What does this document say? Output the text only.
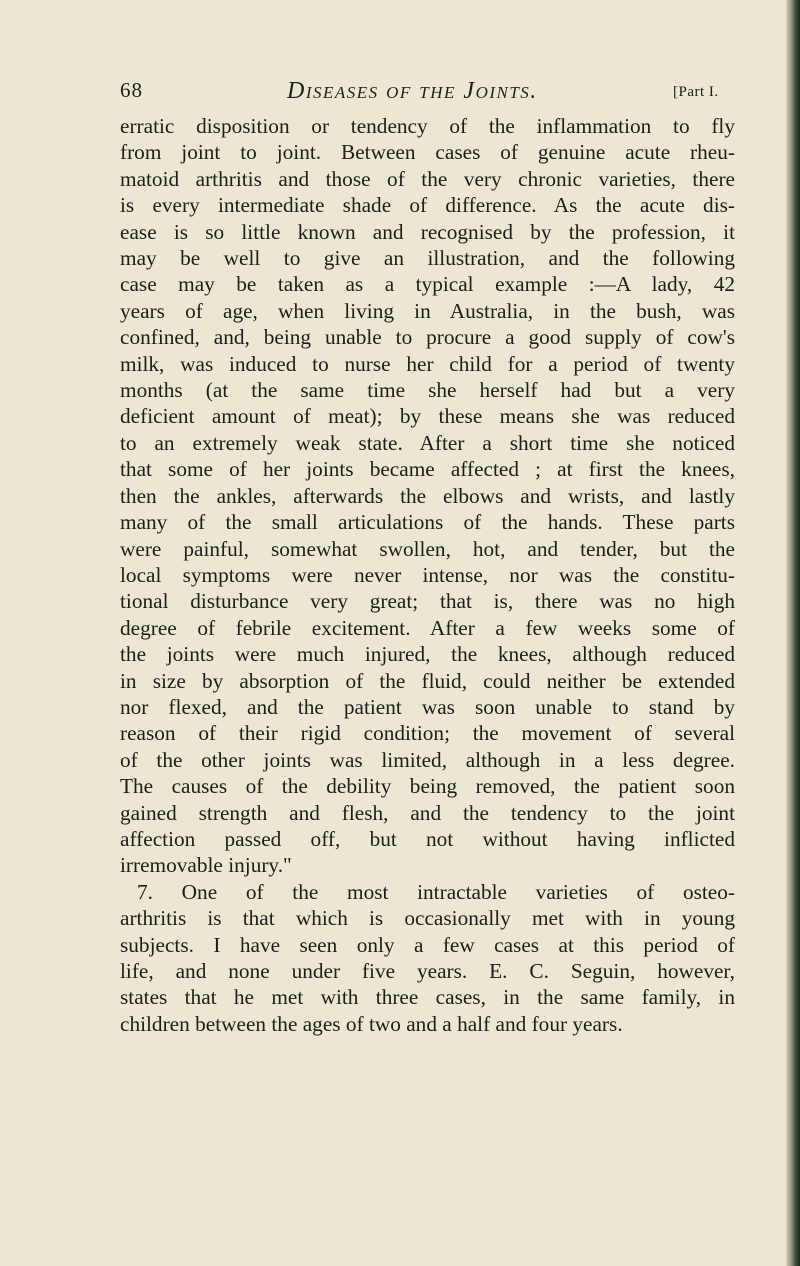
68	Diseases of the Joints.	[Part I.
erratic disposition or tendency of the inflammation to fly
from joint to joint. Between cases of genuine acute rheu-
matoid arthritis and those of the very chronic varieties, there
is every intermediate shade of difference. As the acute dis-
ease is so little known and recognised by the profession, it
may be well to give an illustration, and the following
case may be taken as a typical example :—A lady, 42
years of age, when living in Australia, in the bush, was
confined, and, being unable to procure a good supply of cow's
milk, was induced to nurse her child for a period of twenty
months (at the same time she herself had but a very
deficient amount of meat); by these means she was reduced
to an extremely weak state. After a short time she noticed
that some of her joints became affected ; at first the knees,
then the ankles, afterwards the elbows and wrists, and lastly
many of the small articulations of the hands. These parts
were painful, somewhat swollen, hot, and tender, but the
local symptoms were never intense, nor was the constitu-
tional disturbance very great; that is, there was no high
degree of febrile excitement. After a few weeks some of
the joints were much injured, the knees, although reduced
in size by absorption of the fluid, could neither be extended
nor flexed, and the patient was soon unable to stand by
reason of their rigid condition; the movement of several
of the other joints was limited, although in a less degree.
The causes of the debility being removed, the patient soon
gained strength and flesh, and the tendency to the joint
affection passed off, but not without having inflicted
irremovable injury."
7. One of the most intractable varieties of osteo-
arthritis is that which is occasionally met with in young
subjects. I have seen only a few cases at this period of
life, and none under five years. E. C. Seguin, however,
states that he met with three cases, in the same family, in
children between the ages of two and a half and four years.
